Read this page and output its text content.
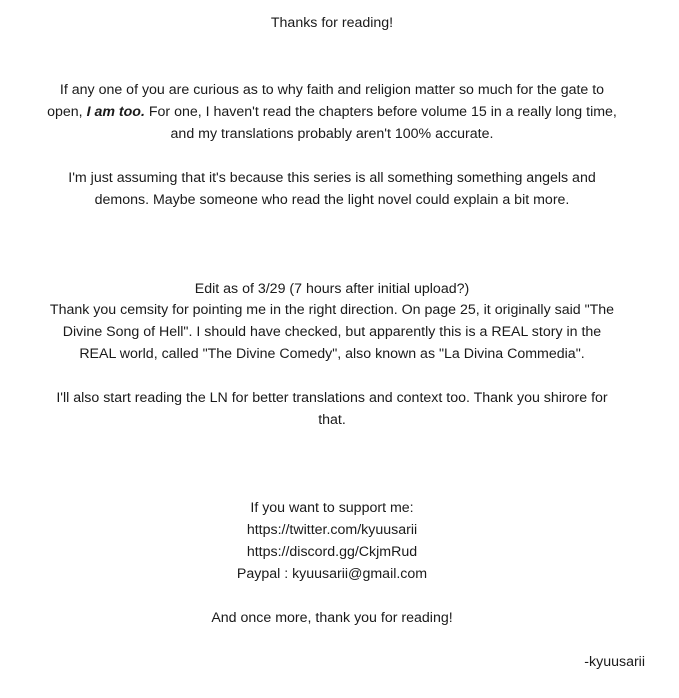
Thanks for reading!
If any one of you are curious as to why faith and religion matter so much for the gate to
open, I am too. For one, I haven't read the chapters before volume 15 in a really long time,
and my translations probably aren't 100% accurate.
I'm just assuming that it's because this series is all something something angels and
demons. Maybe someone who read the light novel could explain a bit more.
Edit as of 3/29 (7 hours after initial upload?)
Thank you cemsity for pointing me in the right direction. On page 25, it originally said "The
Divine Song of Hell". I should have checked, but apparently this is a REAL story in the
REAL world, called "The Divine Comedy", also known as "La Divina Commedia".
I'll also start reading the LN for better translations and context too. Thank you shirore for
that.
If you want to support me:
https://twitter.com/kyuusarii
https://discord.gg/CkjmRud
Paypal : kyuusarii@gmail.com
And once more, thank you for reading!
-kyuusarii
